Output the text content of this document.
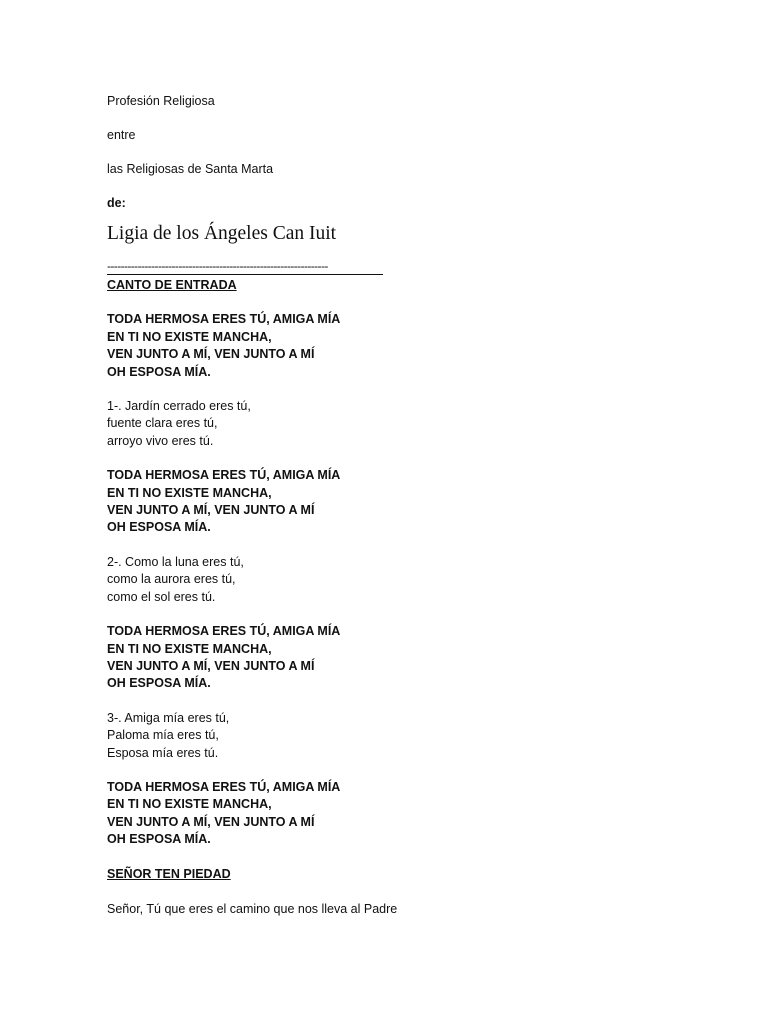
Profesión Religiosa
entre
las Religiosas de Santa Marta
de:
Ligia de los Ángeles Can Iuit
-----------------------------------------------------------------
CANTO DE ENTRADA
TODA HERMOSA ERES TÚ, AMIGA MÍA
EN TI NO EXISTE MANCHA,
VEN JUNTO A MÍ, VEN JUNTO A MÍ
OH ESPOSA MÍA.
1-. Jardín cerrado eres tú,
fuente clara eres tú,
arroyo vivo eres tú.
TODA HERMOSA ERES TÚ, AMIGA MÍA
EN TI NO EXISTE MANCHA,
VEN JUNTO A MÍ, VEN JUNTO A MÍ
OH ESPOSA MÍA.
2-. Como la luna eres tú,
como la aurora eres tú,
como el sol eres tú.
TODA HERMOSA ERES TÚ, AMIGA MÍA
EN TI NO EXISTE MANCHA,
VEN JUNTO A MÍ, VEN JUNTO A MÍ
OH ESPOSA MÍA.
3-. Amiga mía eres tú,
Paloma mía eres tú,
Esposa mía eres tú.
TODA HERMOSA ERES TÚ, AMIGA MÍA
EN TI NO EXISTE MANCHA,
VEN JUNTO A MÍ, VEN JUNTO A MÍ
OH ESPOSA MÍA.
SEÑOR TEN PIEDAD
Señor, Tú que eres el camino que nos lleva al Padre
